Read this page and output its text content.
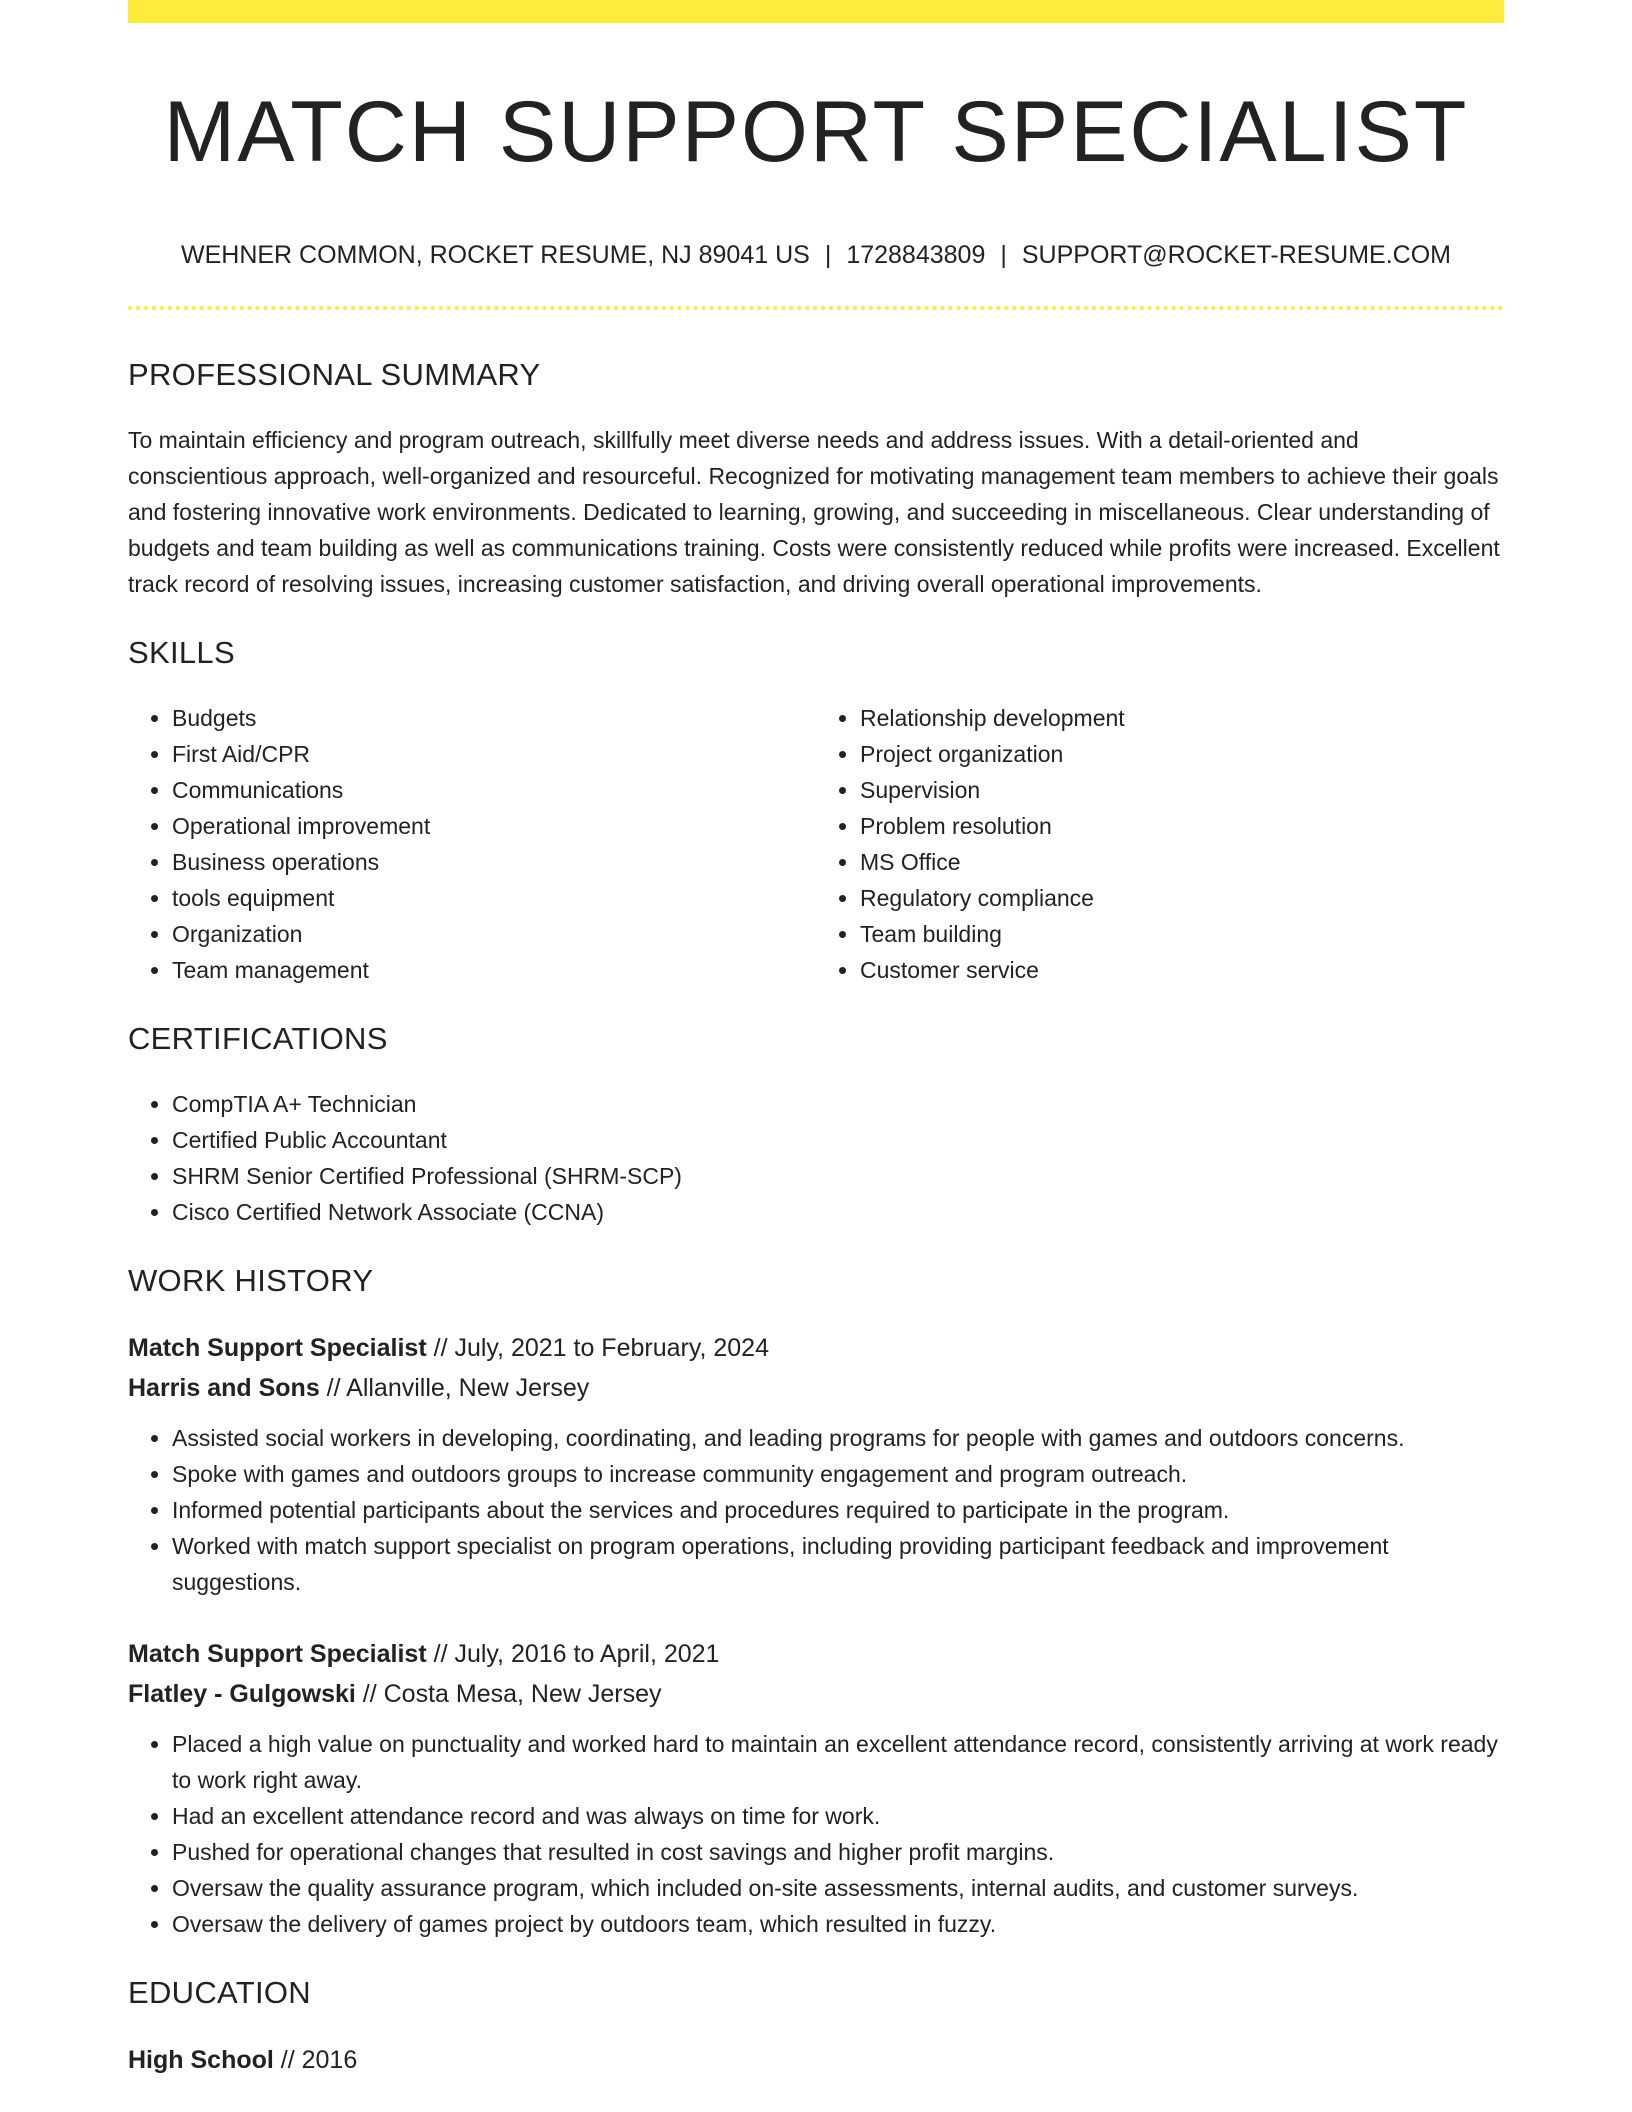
MATCH SUPPORT SPECIALIST
WEHNER COMMON, ROCKET RESUME, NJ 89041 US | 1728843809 | SUPPORT@ROCKET-RESUME.COM
PROFESSIONAL SUMMARY

To maintain efficiency and program outreach, skillfully meet diverse needs and address issues. With a detail-oriented and conscientious approach, well-organized and resourceful. Recognized for motivating management team members to achieve their goals and fostering innovative work environments. Dedicated to learning, growing, and succeeding in miscellaneous. Clear understanding of budgets and team building as well as communications training. Costs were consistently reduced while profits were increased. Excellent track record of resolving issues, increasing customer satisfaction, and driving overall operational improvements.

SKILLS
• Budgets
• First Aid/CPR
• Communications
• Operational improvement
• Business operations
• tools equipment
• Organization
• Team management
• Relationship development
• Project organization
• Supervision
• Problem resolution
• MS Office
• Regulatory compliance
• Team building
• Customer service
CERTIFICATIONS
• CompTIA A+ Technician
• Certified Public Accountant
• SHRM Senior Certified Professional (SHRM-SCP)
• Cisco Certified Network Associate (CCNA)
WORK HISTORY
Match Support Specialist // July, 2021 to February, 2024
Harris and Sons // Allanville, New Jersey
• Assisted social workers in developing, coordinating, and leading programs for people with games and outdoors concerns.
• Spoke with games and outdoors groups to increase community engagement and program outreach.
• Informed potential participants about the services and procedures required to participate in the program.
• Worked with match support specialist on program operations, including providing participant feedback and improvement suggestions.
Match Support Specialist // July, 2016 to April, 2021
Flatley - Gulgowski // Costa Mesa, New Jersey
• Placed a high value on punctuality and worked hard to maintain an excellent attendance record, consistently arriving at work ready to work right away.
• Had an excellent attendance record and was always on time for work.
• Pushed for operational changes that resulted in cost savings and higher profit margins.
• Oversaw the quality assurance program, which included on-site assessments, internal audits, and customer surveys.
• Oversaw the delivery of games project by outdoors team, which resulted in fuzzy.
EDUCATION
High School // 2016
